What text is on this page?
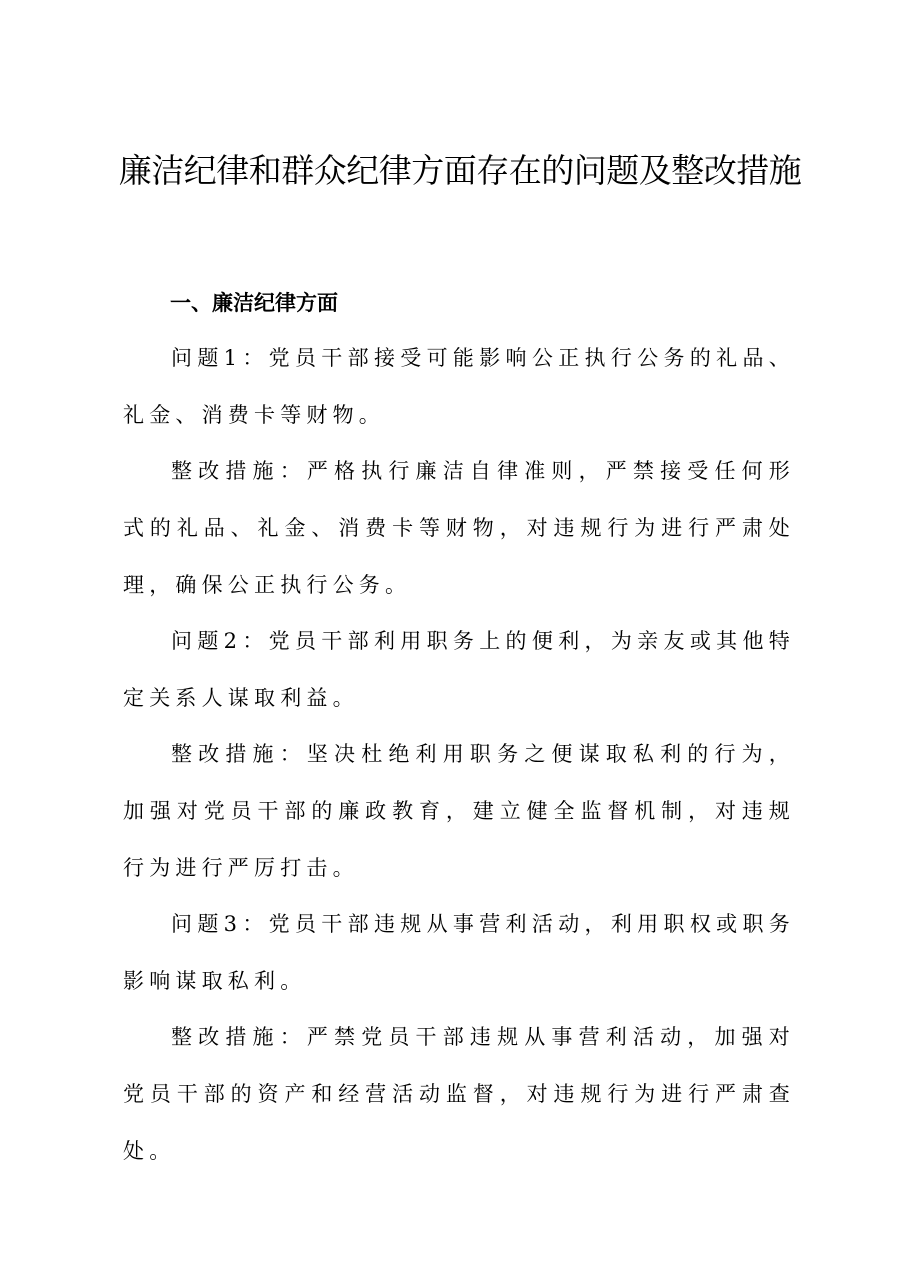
廉洁纪律和群众纪律方面存在的问题及整改措施
一、廉洁纪律方面

问题1：党员干部接受可能影响公正执行公务的礼品、礼金、消费卡等财物。

整改措施：严格执行廉洁自律准则，严禁接受任何形式的礼品、礼金、消费卡等财物，对违规行为进行严肃处理，确保公正执行公务。

问题2：党员干部利用职务上的便利，为亲友或其他特定关系人谋取利益。

整改措施：坚决杜绝利用职务之便谋取私利的行为，加强对党员干部的廉政教育，建立健全监督机制，对违规行为进行严厉打击。

问题3：党员干部违规从事营利活动，利用职权或职务影响谋取私利。

整改措施：严禁党员干部违规从事营利活动，加强对党员干部的资产和经营活动监督，对违规行为进行严肃查处。
